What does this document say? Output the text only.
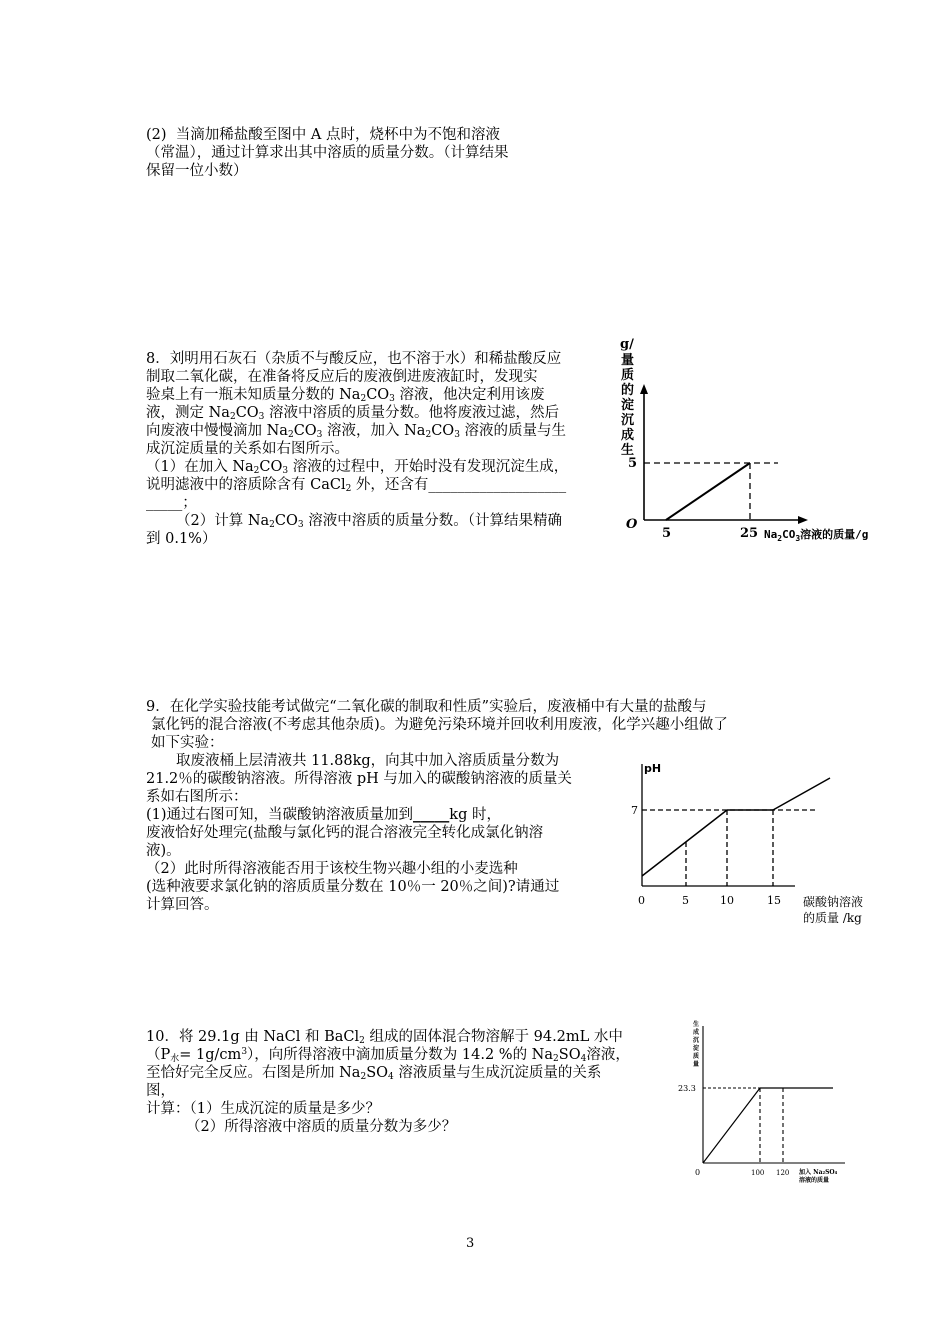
(2)  当滴加稀盐酸至图中 A 点时，烧杯中为不饱和溶液
（常温），通过计算求出其中溶质的质量分数。（计算结果
保留一位小数）
8．刘明用石灰石（杂质不与酸反应，也不溶于水）和稀盐酸反应
制取二氧化碳，在准备将反应后的废液倒进废液缸时，发现实
验桌上有一瓶未知质量分数的 $Na_2CO_3$ 溶液，他决定利用该废
液，测定 $Na_2CO_3$ 溶液中溶质的质量分数。他将废液过滤，然后
向废液中慢慢滴加 $Na_2CO_3$ 溶液，加入 $Na_2CO_3$ 溶液的质量与生
成沉淀质量的关系如右图所示。
（1）在加入 $Na_2CO_3$ 溶液的过程中，开始时没有发现沉淀生成，
说明滤液中的溶质除含有 CaCl$_2$ 外，还含有___________________
_____；
（2）计算 $Na_2CO_3$ 溶液中溶质的质量分数。（计算结果精确
到 0.1%）
g/
量
质
的
淀
沉
成
生
5
O
5	25 $Na_2CO_3$溶液的质量/g
9．在化学实验技能考试做完“二氧化碳的制取和性质”实验后，废液桶中有大量的盐酸与
氯化钙的混合溶液(不考虑其他杂质)。为避免污染环境并回收利用废液，化学兴趣小组做了
如下实验：
取废液桶上层清液共 11.88kg，向其中加入溶质质量分数为
21.2％的碳酸钠溶液。所得溶液 pH 与加入的碳酸钠溶液的质量关
系如右图所示：
(1)通过右图可知，当碳酸钠溶液质量加到_____kg 时，
废液恰好处理完(盐酸与氯化钙的混合溶液完全转化成氯化钠溶
液)。
（2）此时所得溶液能否用于该校生物兴趣小组的小麦选种
(选种液要求氯化钠的溶质质量分数在 10％一 20％之间)?请通过
计算回答。
pH
7
0	5	10	15 碳酸钠溶液
的质量 /kg
10．将 29.1g 由 NaCl 和 BaCl$_2$ 组成的固体混合物溶解于 94.2mL 水中
$(P_水= 1g/cm^3)$，向所得溶液中滴加质量分数为 14.2 %的 $Na_2SO_4$溶液，
至恰好完全反应。右图是所加 $Na_2SO_4$ 溶液质量与生成沉淀质量的关系
图，
计算：（1）生成沉淀的质量是多少？
（2）所得溶液中溶质的质量分数为多少？
生
成
沉
淀
质
量
23.3
0	100 120 加入 Na₂SO₄
溶液的质量
3
